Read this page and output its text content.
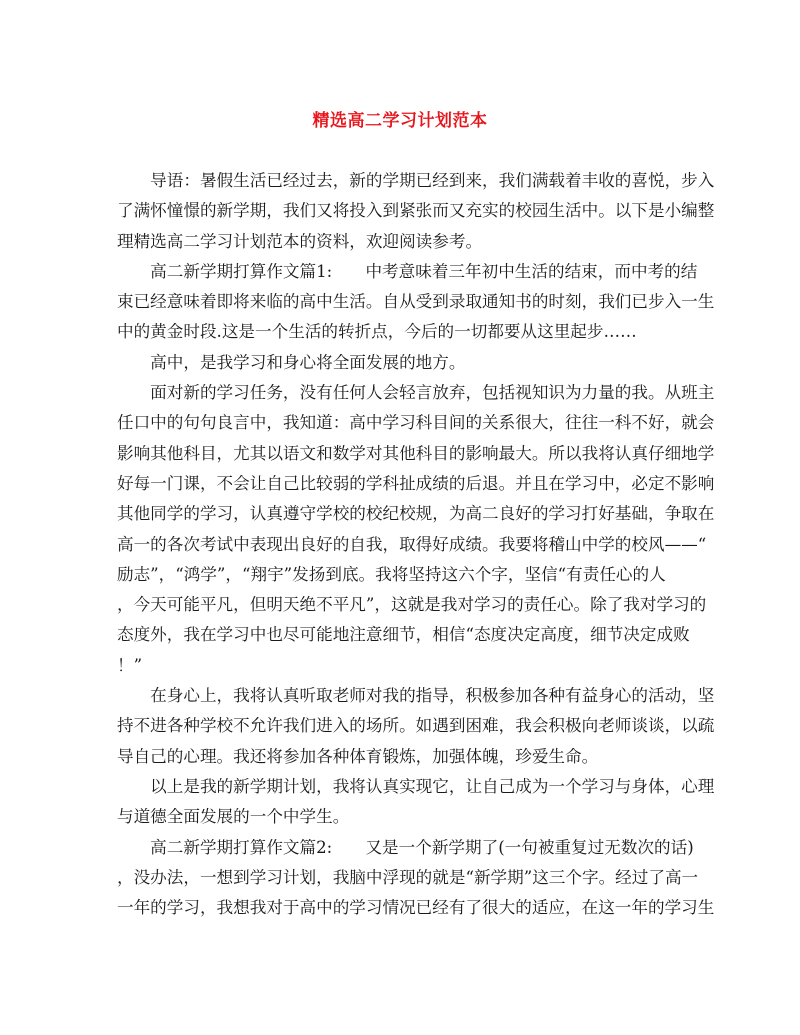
精选高二学习计划范本

　　导语：暑假生活已经过去，新的学期已经到来，我们满载着丰收的喜悦，步入

了满怀憧憬的新学期，我们又将投入到紧张而又充实的校园生活中。以下是小编整

理精选高二学习计划范本的资料，欢迎阅读参考。

　　高二新学期打算作文篇1:　　中考意味着三年初中生活的结束，而中考的结

束已经意味着即将来临的高中生活。自从受到录取通知书的时刻，我们已步入一生

中的黄金时段.这是一个生活的转折点，今后的一切都要从这里起步……

　　高中，是我学习和身心将全面发展的地方。

　　面对新的学习任务，没有任何人会轻言放弃，包括视知识为力量的我。从班主

任口中的句句良言中，我知道：高中学习科目间的关系很大，往往一科不好，就会

影响其他科目，尤其以语文和数学对其他科目的影响最大。所以我将认真仔细地学

好每一门课，不会让自己比较弱的学科扯成绩的后退。并且在学习中，必定不影响

其他同学的学习，认真遵守学校的校纪校规，为高二良好的学习打好基础，争取在

高一的各次考试中表现出良好的自我，取得好成绩。我要将稽山中学的校风——“

励志”，“鸿学”，“翔宇”发扬到底。我将坚持这六个字，坚信“有责任心的人

，今天可能平凡，但明天绝不平凡”，这就是我对学习的责任心。除了我对学习的

态度外，我在学习中也尽可能地注意细节，相信“态度决定高度，细节决定成败

！”

　　在身心上，我将认真听取老师对我的指导，积极参加各种有益身心的活动，坚

持不进各种学校不允许我们进入的场所。如遇到困难，我会积极向老师谈谈，以疏

导自己的心理。我还将参加各种体育锻炼，加强体魄，珍爱生命。

　　以上是我的新学期计划，我将认真实现它，让自己成为一个学习与身体，心理

与道德全面发展的一个中学生。

　　高二新学期打算作文篇2:　　又是一个新学期了(一句被重复过无数次的话)

，没办法，一想到学习计划，我脑中浮现的就是“新学期”这三个字。经过了高一

一年的学习，我想我对于高中的学习情况已经有了很大的适应，在这一年的学习生
